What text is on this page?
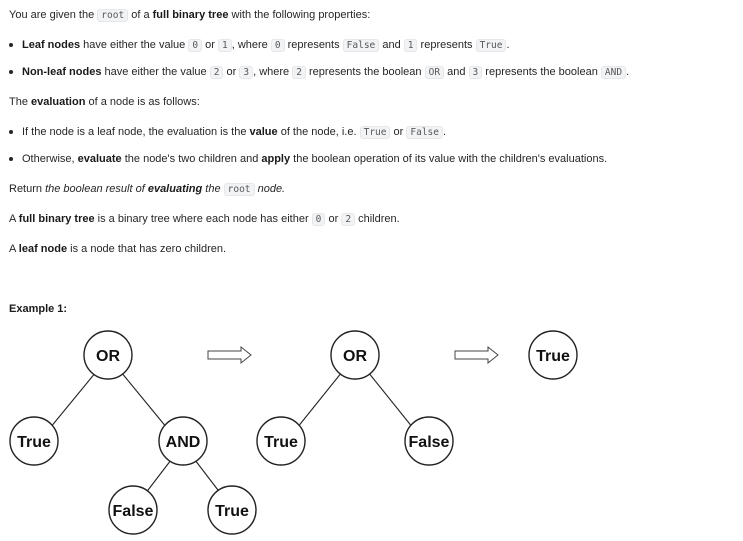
You are given the root of a full binary tree with the following properties:
Leaf nodes have either the value 0 or 1 , where 0 represents False and 1 represents True .
Non-leaf nodes have either the value 2 or 3 , where 2 represents the boolean OR and 3 represents the boolean AND .
The evaluation of a node is as follows:
If the node is a leaf node, the evaluation is the value of the node, i.e. True or False .
Otherwise, evaluate the node's two children and apply the boolean operation of its value with the children's evaluations.
Return the boolean result of evaluating the root node.
A full binary tree is a binary tree where each node has either 0 or 2 children.
A leaf node is a node that has zero children.
Example 1:
OR
True	AND
False	True
OR
True	False
True
